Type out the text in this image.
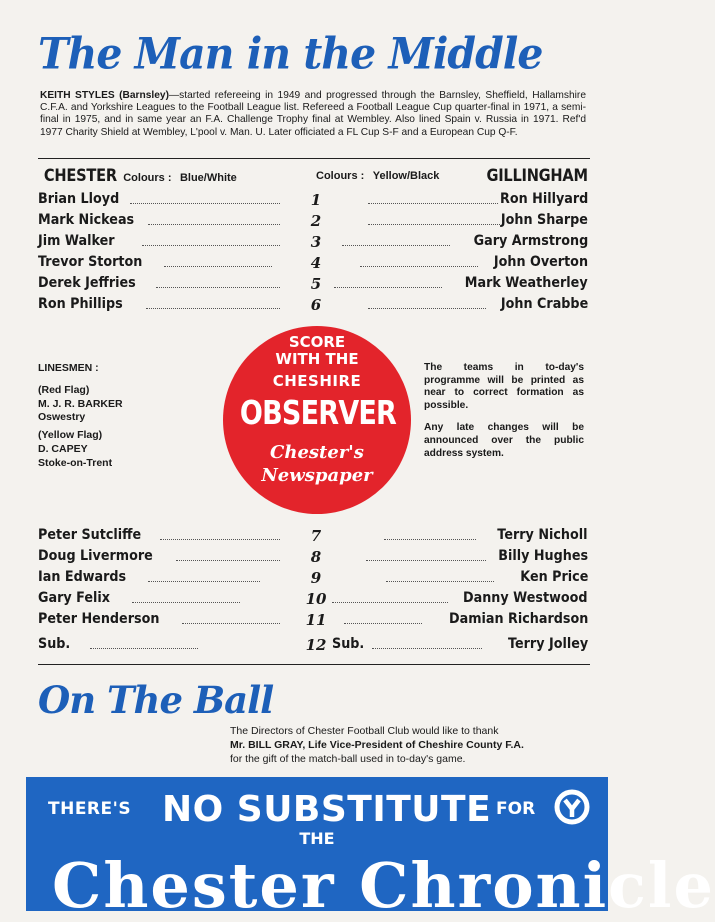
The Man in the Middle

KEITH STYLES (Barnsley)—started refereeing in 1949 and progressed through the Barnsley, Sheffield, Hallamshire C.F.A. and Yorkshire Leagues to the Football League list. Refereed a Football League Cup quarter-final in 1971, a semi-final in 1975, and in same year an F.A. Challenge Trophy final at Wembley. Also lined Spain v. Russia in 1971. Ref'd 1977 Charity Shield at Wembley, L'pool v. Man. U. Later officiated a FL Cup S-F and a European Cup Q-F.

CHESTER Colours : Blue/White	Colours : Yellow/Black	GILLINGHAM
Brian Lloyd	1	Ron Hillyard
Mark Nickeas	2	John Sharpe
Jim Walker	3	Gary Armstrong
Trevor Storton	4	John Overton
Derek Jeffries	5	Mark Weatherley
Ron Phillips	6	John Crabbe
LINESMEN :
(Red Flag)
M. J. R. BARKER
Oswestry
(Yellow Flag)
D. CAPEY
Stoke-on-Trent
SCORE
WITH THE
CHESHIRE
OBSERVER
Chester's
Newspaper

The teams in to-day's programme will be printed as near to correct formation as possible.

Any late changes will be announced over the public address system.

Peter Sutcliffe	7	Terry Nicholl
Doug Livermore	8	Billy Hughes
Ian Edwards	9	Ken Price
Gary Felix	10	Danny Westwood
Peter Henderson	11	Damian Richardson
Sub.	12 Sub.	Terry Jolley
On The Ball

The Directors of Chester Football Club would like to thank
Mr. BILL GRAY, Life Vice-President of Cheshire County F.A.
for the gift of the match-ball used in to-day's game.

THERE'S NO SUBSTITUTE FOR
THE
Chester Chronicle
